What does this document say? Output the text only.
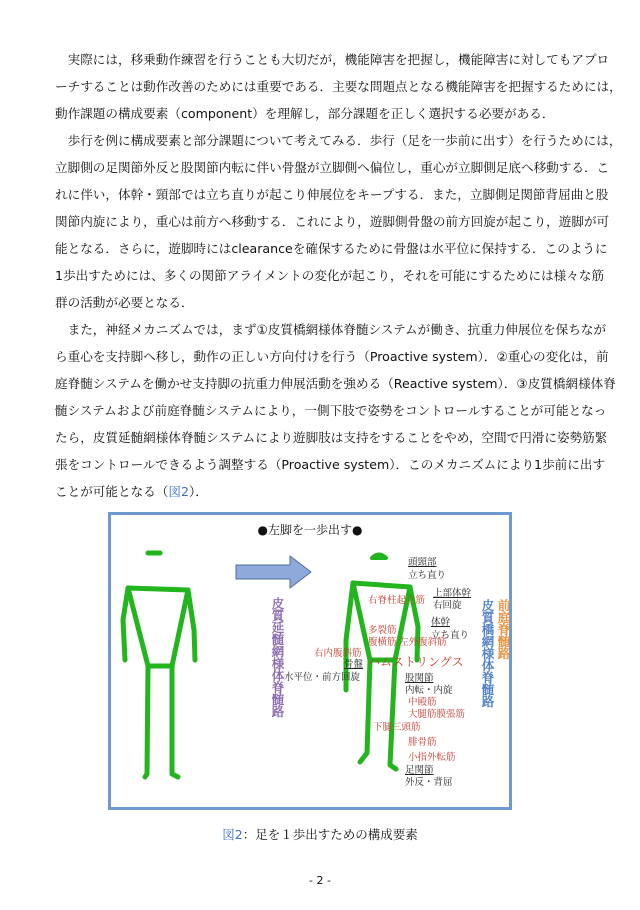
　実際には，移乗動作練習を行うことも大切だが，機能障害を把握し，機能障害に対してもアプロ
ーチすることは動作改善のためには重要である．主要な問題点となる機能障害を把握するためには，
動作課題の構成要素（component）を理解し，部分課題を正しく選択する必要がある．
　歩行を例に構成要素と部分課題について考えてみる．歩行（足を一歩前に出す）を行うためには，
立脚側の足関節外反と股関節内転に伴い骨盤が立脚側へ偏位し，重心が立脚側足底へ移動する．こ
れに伴い，体幹・頸部では立ち直りが起こり伸展位をキープする．また，立脚側足関節背屈曲と股
関節内旋により，重心は前方へ移動する．これにより，遊脚側骨盤の前方回旋が起こり，遊脚が可
能となる．さらに，遊脚時にはclearanceを確保するために骨盤は水平位に保持する．このように
1歩出すためには、多くの関節アライメントの変化が起こり，それを可能にするためには様々な筋
群の活動が必要となる．
　また，神経メカニズムでは，まず①皮質橋網様体脊髄システムが働き、抗重力伸展位を保ちなが
ら重心を支持脚へ移し，動作の正しい方向付けを行う（Proactive system）．②重心の変化は，前
庭脊髄システムを働かせ支持脚の抗重力伸展活動を強める（Reactive system）．③皮質橋網様体脊
髄システムおよび前庭脊髄システムにより，一側下肢で姿勢をコントロールすることが可能となっ
たら，皮質延髄網様体脊髄システムにより遊脚肢は支持をすることをやめ，空間で円滑に姿勢筋緊
張をコントロールできるよう調整する（Proactive system）．このメカニズムにより1歩前に出す
ことが可能となる（図2）．
●左脚を一歩出す●
皮質延髄網様体脊髄路	皮質橋網様体脊髄路 前庭脊髄路
頭頸部
立ち直り
右脊柱起立筋
上部体幹
右回旋
体幹
立ち直り
多裂筋
腹横筋 左外腹斜筋
右内腹斜筋
骨盤
水平位・前方回旋
ハムストリングス
股関節
内転・内旋
中殿筋
大腿筋膜張筋
下腿三頭筋
腓骨筋
小指外転筋
足関節
外反・背屈
図2：足を１歩出すための構成要素
- 2 -
